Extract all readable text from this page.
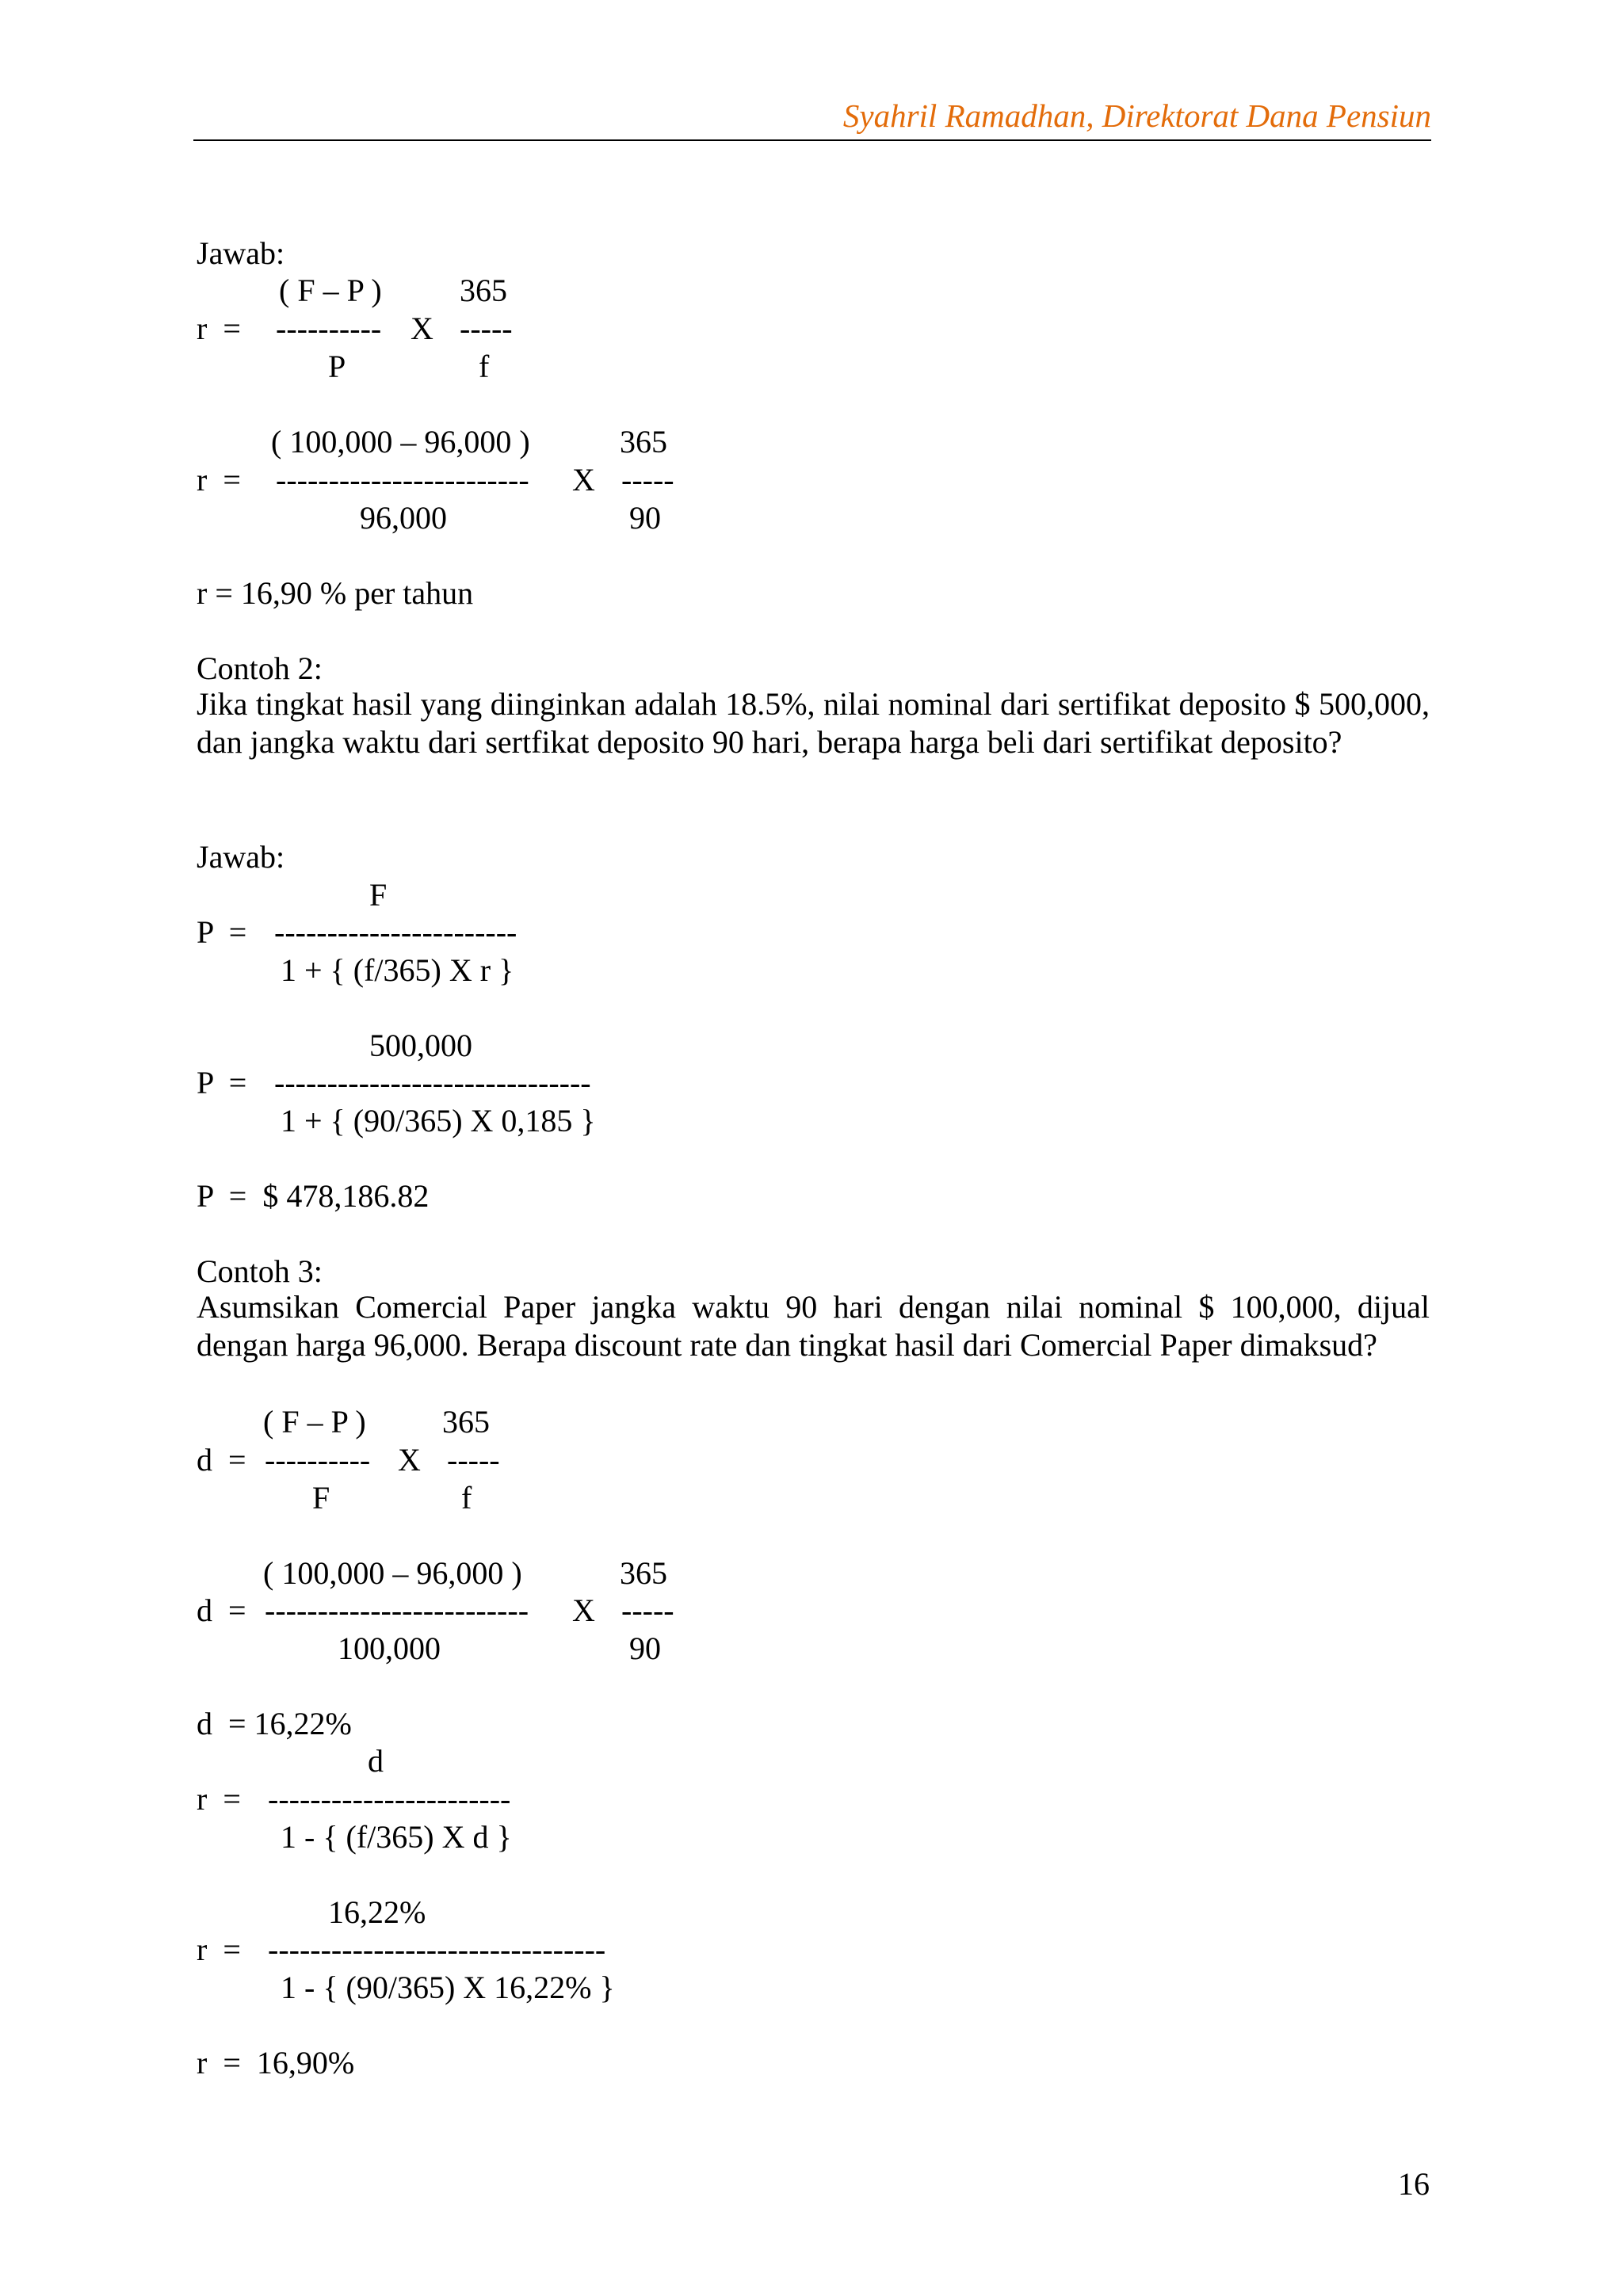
Syahril Ramadhan, Direktorat Dana Pensiun
Jawab:
( F – P ) 365
r  = ---------- X -----
P	f
( 100,000 – 96,000 )	365
r  = ------------------------ X -----
96,000	90
r = 16,90 % per tahun
Contoh 2:
Jika tingkat hasil yang diinginkan adalah 18.5%, nilai nominal dari sertifikat deposito $ 500,000, dan jangka waktu dari sertfikat deposito 90 hari, berapa harga beli dari sertifikat deposito?
Jawab:
F
P  = -----------------------
1 + { (f/365) X r }
500,000
P  = ------------------------------
1 + { (90/365) X 0,185 }
P  =  $ 478,186.82
Contoh 3:
Asumsikan Comercial Paper jangka waktu 90 hari dengan nilai nominal $ 100,000, dijual dengan harga 96,000. Berapa discount rate dan tingkat hasil dari Comercial Paper dimaksud?
( F – P ) 365
d  = ---------- X -----
F	f
( 100,000 – 96,000 )	365
d  = ------------------------- X -----
100,000	90
d  = 16,22%
d
r  = -----------------------
1 - { (f/365) X d }
16,22%
r  = --------------------------------
1 - { (90/365) X 16,22% }
r  =  16,90%
16
